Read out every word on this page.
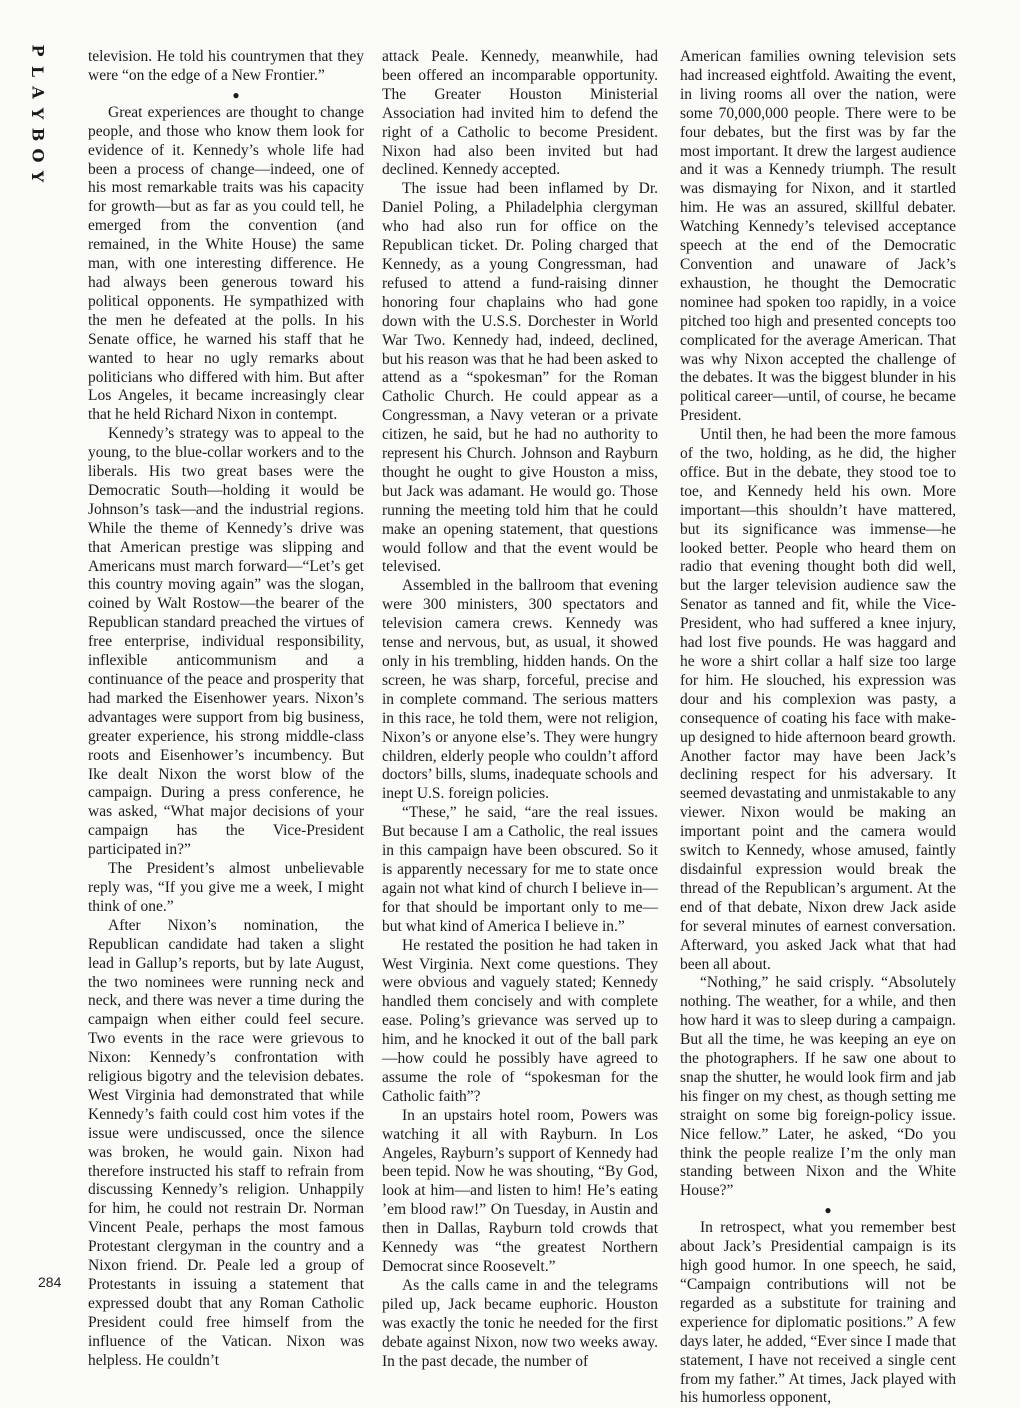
P
L
A
Y
B
O
Y

television. He told his countrymen that they were “on the edge of a New Frontier.”

●

Great experiences are thought to change people, and those who know them look for evidence of it. Kennedy’s whole life had been a process of change—indeed, one of his most remarkable traits was his capacity for growth—but as far as you could tell, he emerged from the convention (and remained, in the White House) the same man, with one interesting difference. He had always been generous toward his political opponents. He sympathized with the men he defeated at the polls. In his Senate office, he warned his staff that he wanted to hear no ugly remarks about politicians who differed with him. But after Los Angeles, it became increasingly clear that he held Richard Nixon in contempt.

Kennedy’s strategy was to appeal to the young, to the blue-collar workers and to the liberals. His two great bases were the Democratic South—holding it would be Johnson’s task—and the industrial regions. While the theme of Kennedy’s drive was that American prestige was slipping and Americans must march forward—“Let’s get this country moving again” was the slogan, coined by Walt Rostow—the bearer of the Republican standard preached the virtues of free enterprise, individual responsibility, inflexible anticommunism and a continuance of the peace and prosperity that had marked the Eisenhower years. Nixon’s advantages were support from big business, greater experience, his strong middle-class roots and Eisenhower’s incumbency. But Ike dealt Nixon the worst blow of the campaign. During a press conference, he was asked, “What major decisions of your campaign has the Vice-President participated in?”

The President’s almost unbelievable reply was, “If you give me a week, I might think of one.”

After Nixon’s nomination, the Republican candidate had taken a slight lead in Gallup’s reports, but by late August, the two nominees were running neck and neck, and there was never a time during the campaign when either could feel secure. Two events in the race were grievous to Nixon: Kennedy’s confrontation with religious bigotry and the television debates. West Virginia had demonstrated that while Kennedy’s faith could cost him votes if the issue were undiscussed, once the silence was broken, he would gain. Nixon had therefore instructed his staff to refrain from discussing Kennedy’s religion. Unhappily for him, he could not restrain Dr. Norman Vincent Peale, perhaps the most famous Protestant clergyman in the country and a Nixon friend. Dr. Peale led a group of Protestants in issuing a statement that expressed doubt that any Roman Catholic President could free himself from the influence of the Vatican. Nixon was helpless. He couldn’t

attack Peale. Kennedy, meanwhile, had been offered an incomparable opportunity. The Greater Houston Ministerial Association had invited him to defend the right of a Catholic to become President. Nixon had also been invited but had declined. Kennedy accepted.

The issue had been inflamed by Dr. Daniel Poling, a Philadelphia clergyman who had also run for office on the Republican ticket. Dr. Poling charged that Kennedy, as a young Congressman, had refused to attend a fund-raising dinner honoring four chaplains who had gone down with the U.S.S. Dorchester in World War Two. Kennedy had, indeed, declined, but his reason was that he had been asked to attend as a “spokesman” for the Roman Catholic Church. He could appear as a Congressman, a Navy veteran or a private citizen, he said, but he had no authority to represent his Church. Johnson and Rayburn thought he ought to give Houston a miss, but Jack was adamant. He would go. Those running the meeting told him that he could make an opening statement, that questions would follow and that the event would be televised.

Assembled in the ballroom that evening were 300 ministers, 300 spectators and television camera crews. Kennedy was tense and nervous, but, as usual, it showed only in his trembling, hidden hands. On the screen, he was sharp, forceful, precise and in complete command. The serious matters in this race, he told them, were not religion, Nixon’s or anyone else’s. They were hungry children, elderly people who couldn’t afford doctors’ bills, slums, inadequate schools and inept U.S. foreign policies.

“These,” he said, “are the real issues. But because I am a Catholic, the real issues in this campaign have been obscured. So it is apparently necessary for me to state once again not what kind of church I believe in—for that should be important only to me—but what kind of America I believe in.”

He restated the position he had taken in West Virginia. Next come questions. They were obvious and vaguely stated; Kennedy handled them concisely and with complete ease. Poling’s grievance was served up to him, and he knocked it out of the ball park—how could he possibly have agreed to assume the role of “spokesman for the Catholic faith”?

In an upstairs hotel room, Powers was watching it all with Rayburn. In Los Angeles, Rayburn’s support of Kennedy had been tepid. Now he was shouting, “By God, look at him—and listen to him! He’s eating ’em blood raw!” On Tuesday, in Austin and then in Dallas, Rayburn told crowds that Kennedy was “the greatest Northern Democrat since Roosevelt.”

As the calls came in and the telegrams piled up, Jack became euphoric. Houston was exactly the tonic he needed for the first debate against Nixon, now two weeks away. In the past decade, the number of

American families owning television sets had increased eightfold. Awaiting the event, in living rooms all over the nation, were some 70,000,000 people. There were to be four debates, but the first was by far the most important. It drew the largest audience and it was a Kennedy triumph. The result was dismaying for Nixon, and it startled him. He was an assured, skillful debater. Watching Kennedy’s televised acceptance speech at the end of the Democratic Convention and unaware of Jack’s exhaustion, he thought the Democratic nominee had spoken too rapidly, in a voice pitched too high and presented concepts too complicated for the average American. That was why Nixon accepted the challenge of the debates. It was the biggest blunder in his political career—until, of course, he became President.

Until then, he had been the more famous of the two, holding, as he did, the higher office. But in the debate, they stood toe to toe, and Kennedy held his own. More important—this shouldn’t have mattered, but its significance was immense—he looked better. People who heard them on radio that evening thought both did well, but the larger television audience saw the Senator as tanned and fit, while the Vice-President, who had suffered a knee injury, had lost five pounds. He was haggard and he wore a shirt collar a half size too large for him. He slouched, his expression was dour and his complexion was pasty, a consequence of coating his face with make-up designed to hide afternoon beard growth. Another factor may have been Jack’s declining respect for his adversary. It seemed devastating and unmistakable to any viewer. Nixon would be making an important point and the camera would switch to Kennedy, whose amused, faintly disdainful expression would break the thread of the Republican’s argument. At the end of that debate, Nixon drew Jack aside for several minutes of earnest conversation. Afterward, you asked Jack what that had been all about.

“Nothing,” he said crisply. “Absolutely nothing. The weather, for a while, and then how hard it was to sleep during a campaign. But all the time, he was keeping an eye on the photographers. If he saw one about to snap the shutter, he would look firm and jab his finger on my chest, as though setting me straight on some big foreign-policy issue. Nice fellow.” Later, he asked, “Do you think the people realize I’m the only man standing between Nixon and the White House?”

●

In retrospect, what you remember best about Jack’s Presidential campaign is its high good humor. In one speech, he said, “Campaign contributions will not be regarded as a substitute for training and experience for diplomatic positions.” A few days later, he added, “Ever since I made that statement, I have not received a single cent from my father.” At times, Jack played with his humorless opponent,

284
